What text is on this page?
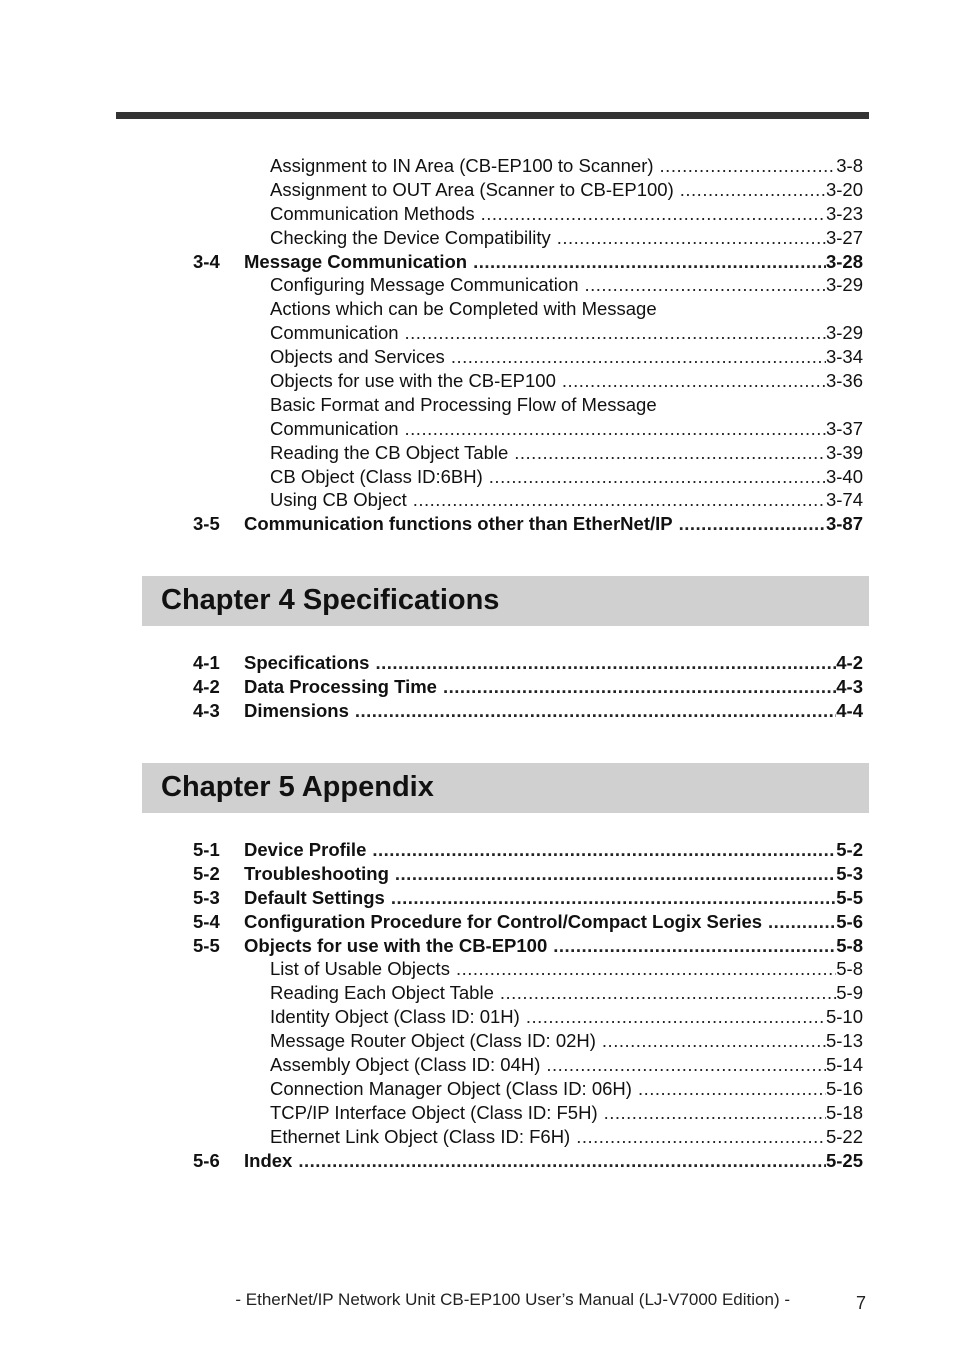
Assignment to IN Area (CB-EP100 to Scanner) .....	3-8
Assignment to OUT Area (Scanner to CB-EP100) .....	3-20
Communication Methods .....	3-23
Checking the Device Compatibility .....	3-27
3-4	Message Communication .....	3-28
Configuring Message Communication .....	3-29
Actions which can be Completed with Message
Communication .....	3-29
Objects and Services .....	3-34
Objects for use with the CB-EP100 .....	3-36
Basic Format and Processing Flow of Message
Communication .....	3-37
Reading the CB Object Table .....	3-39
CB Object (Class ID:6BH) .....	3-40
Using CB Object .....	3-74
3-5	Communication functions other than EtherNet/IP .....	3-87
Chapter 4 Specifications
4-1	Specifications .....	4-2
4-2	Data Processing Time .....	4-3
4-3	Dimensions .....	4-4
Chapter 5 Appendix
5-1	Device Profile .....	5-2
5-2	Troubleshooting .....	5-3
5-3	Default Settings .....	5-5
5-4	Configuration Procedure for Control/Compact Logix Series .....	5-6
5-5	Objects for use with the CB-EP100 .....	5-8
List of Usable Objects .....	5-8
Reading Each Object Table .....	5-9
Identity Object (Class ID: 01H) .....	5-10
Message Router Object (Class ID: 02H) .....	5-13
Assembly Object (Class ID: 04H) .....	5-14
Connection Manager Object (Class ID: 06H) .....	5-16
TCP/IP Interface Object (Class ID: F5H) .....	5-18
Ethernet Link Object (Class ID: F6H) .....	5-22
5-6	Index .....	5-25
- EtherNet/IP Network Unit CB-EP100 User’s Manual (LJ-V7000 Edition) -	7
